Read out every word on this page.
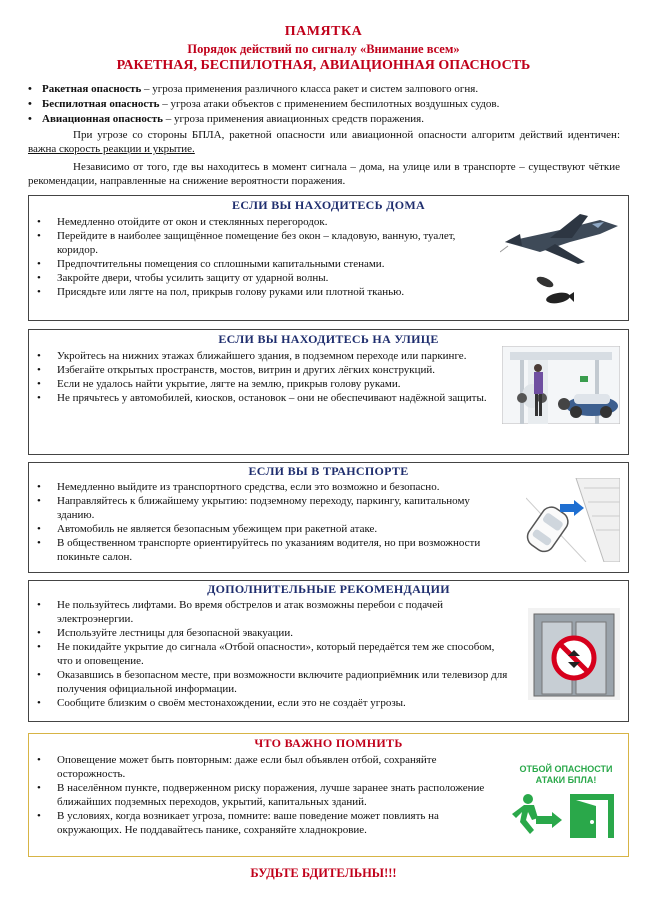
ПАМЯТКА
Порядок действий по сигналу «Внимание всем»
РАКЕТНАЯ, БЕСПИЛОТНАЯ, АВИАЦИОННАЯ ОПАСНОСТЬ
• Ракетная опасность – угроза применения различного класса ракет и систем залпового огня.
• Беспилотная опасность – угроза атаки объектов с применением беспилотных воздушных судов.
• Авиационная опасность – угроза применения авиационных средств поражения.

При угрозе со стороны БПЛА, ракетной опасности или авиационной опасности алгоритм действий идентичен: важна скорость реакции и укрытие.

Независимо от того, где вы находитесь в момент сигнала – дома, на улице или в транспорте – существуют чёткие рекомендации, направленные на снижение вероятности поражения.

ЕСЛИ ВЫ НАХОДИТЕСЬ ДОМА
• Немедленно отойдите от окон и стеклянных перегородок.
• Перейдите в наиболее защищённое помещение без окон – кладовую, ванную, туалет, коридор.
• Предпочтительны помещения со сплошными капитальными стенами.
• Закройте двери, чтобы усилить защиту от ударной волны.
• Присядьте или лягте на пол, прикрыв голову руками или плотной тканью.
ЕСЛИ ВЫ НАХОДИТЕСЬ НА УЛИЦЕ
• Укройтесь на нижних этажах ближайшего здания, в подземном переходе или паркинге.
• Избегайте открытых пространств, мостов, витрин и других лёгких конструкций.
• Если не удалось найти укрытие, лягте на землю, прикрыв голову руками.
• Не прячьтесь у автомобилей, киосков, остановок – они не обеспечивают надёжной защиты.
ЕСЛИ ВЫ В ТРАНСПОРТЕ
• Немедленно выйдите из транспортного средства, если это возможно и безопасно.
• Направляйтесь к ближайшему укрытию: подземному переходу, паркингу, капитальному зданию.
• Автомобиль не является безопасным убежищем при ракетной атаке.
• В общественном транспорте ориентируйтесь по указаниям водителя, но при возможности покиньте салон.
ДОПОЛНИТЕЛЬНЫЕ РЕКОМЕНДАЦИИ
• Не пользуйтесь лифтами. Во время обстрелов и атак возможны перебои с подачей электроэнергии.
• Используйте лестницы для безопасной эвакуации.
• Не покидайте укрытие до сигнала «Отбой опасности», который передаётся тем же способом, что и оповещение.
• Оказавшись в безопасном месте, при возможности включите радиоприёмник или телевизор для получения официальной информации.
• Сообщите близким о своём местонахождении, если это не создаёт угрозы.
ЧТО ВАЖНО ПОМНИТЬ
• Оповещение может быть повторным: даже если был объявлен отбой, сохраняйте осторожность.
• В населённом пункте, подверженном риску поражения, лучше заранее знать расположение ближайших подземных переходов, укрытий, капитальных зданий.
• В условиях, когда возникает угроза, помните: ваше поведение может повлиять на окружающих. Не поддавайтесь панике, сохраняйте хладнокровие.
ОТБОЙ ОПАСНОСТИ
АТАКИ БПЛА!
БУДЬТЕ БДИТЕЛЬНЫ!!!
